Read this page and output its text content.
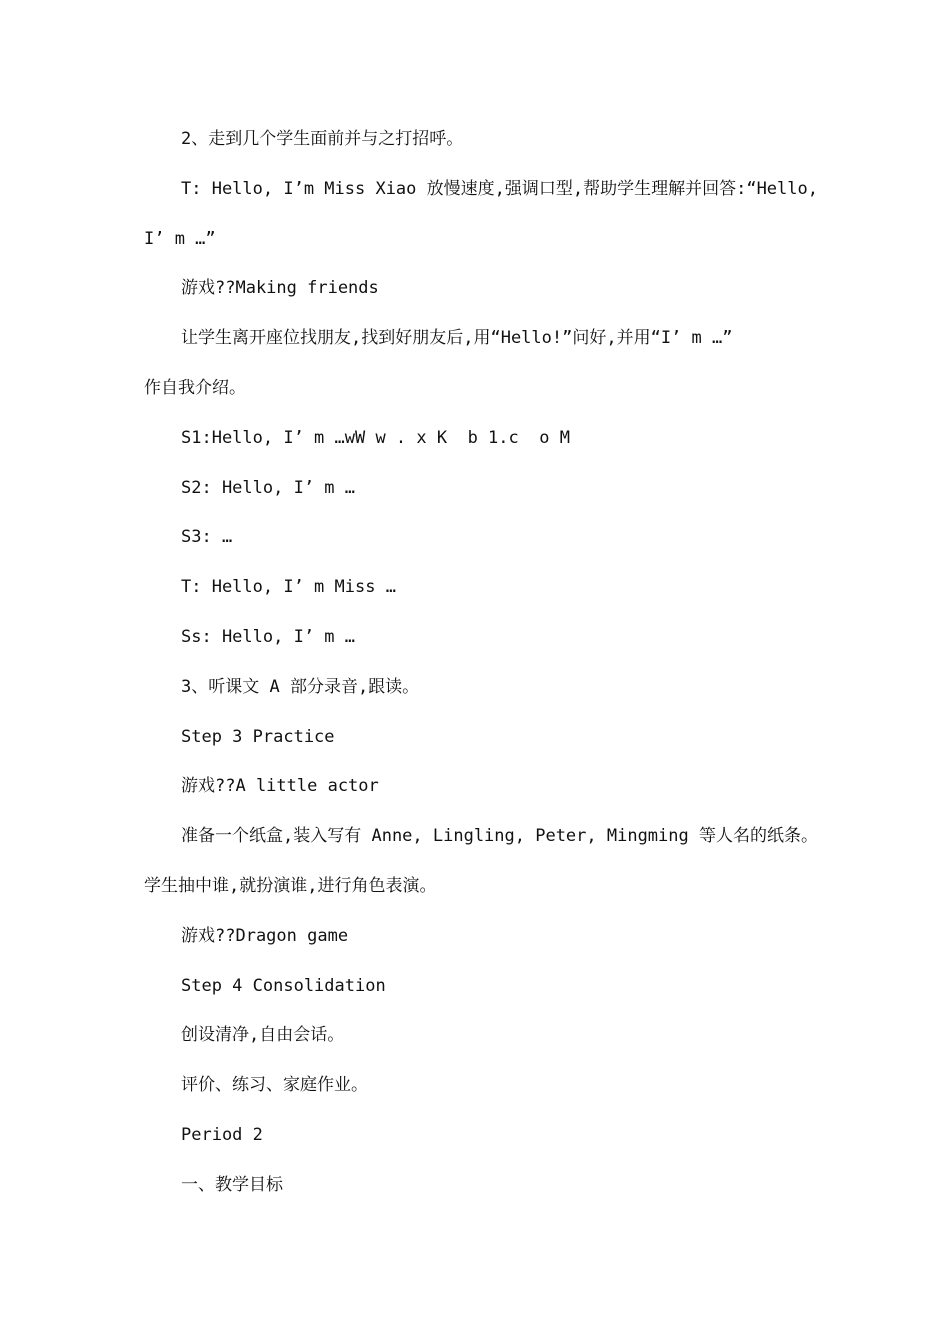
2、走到几个学生面前并与之打招呼。
T: Hello, I’m Miss Xiao 放慢速度,强调口型,帮助学生理解并回答:“Hello,
I’ m …”
游戏??Making friends
让学生离开座位找朋友,找到好朋友后,用“Hello!”问好,并用“I’ m …”
作自我介绍。
S1:Hello, I’ m …wW w . x K  b 1.c  o M
S2: Hello, I’ m …
S3: …
T: Hello, I’ m Miss …
Ss: Hello, I’ m …
3、听课文 A 部分录音,跟读。
Step 3 Practice
游戏??A little actor
准备一个纸盒,装入写有 Anne, Lingling, Peter, Mingming 等人名的纸条。
学生抽中谁,就扮演谁,进行角色表演。
游戏??Dragon game
Step 4 Consolidation
创设清净,自由会话。
评价、练习、家庭作业。
Period 2
一、教学目标
